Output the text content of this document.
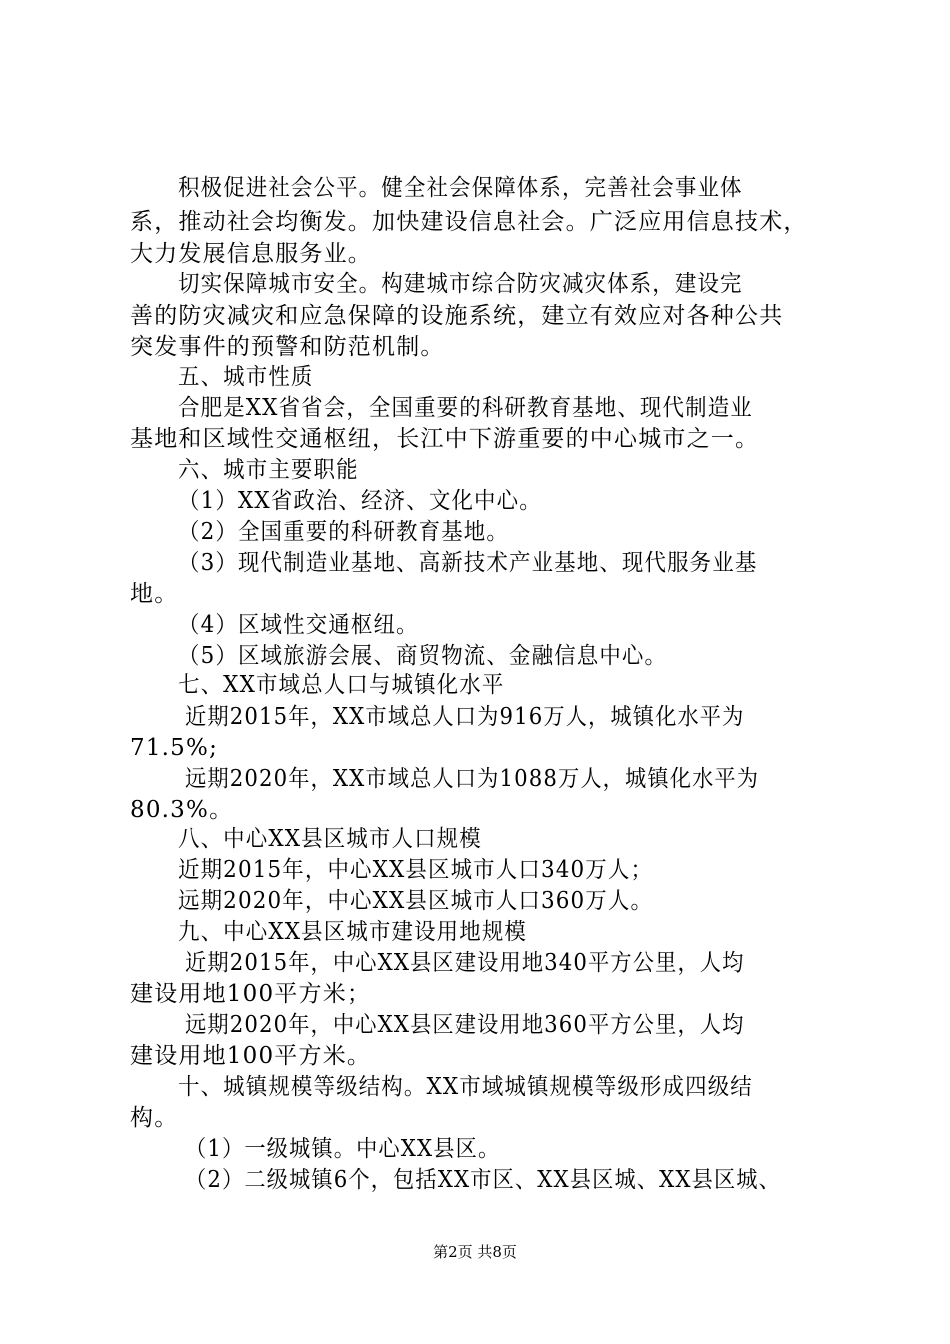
积极促进社会公平。健全社会保障体系，完善社会事业体
系，推动社会均衡发。加快建设信息社会。广泛应用信息技术，
大力发展信息服务业。
切实保障城市安全。构建城市综合防灾减灾体系，建设完
善的防灾减灾和应急保障的设施系统，建立有效应对各种公共
突发事件的预警和防范机制。
五、城市性质
合肥是XX省省会，全国重要的科研教育基地、现代制造业
基地和区域性交通枢纽，长江中下游重要的中心城市之一。
六、城市主要职能
（1）XX省政治、经济、文化中心。
（2）全国重要的科研教育基地。
（3）现代制造业基地、高新技术产业基地、现代服务业基
地。
（4）区域性交通枢纽。
（5）区域旅游会展、商贸物流、金融信息中心。
七、XX市域总人口与城镇化水平
近期2015年，XX市域总人口为916万人，城镇化水平为
71.5%;
远期2020年，XX市域总人口为1088万人，城镇化水平为
80.3%。
八、中心XX县区城市人口规模
近期2015年，中心XX县区城市人口340万人；
远期2020年，中心XX县区城市人口360万人。
九、中心XX县区城市建设用地规模
近期2015年，中心XX县区建设用地340平方公里，人均
建设用地100平方米；
远期2020年，中心XX县区建设用地360平方公里，人均
建设用地100平方米。
十、城镇规模等级结构。XX市域城镇规模等级形成四级结
构。
（1）一级城镇。中心XX县区。
（2）二级城镇6个，包括XX市区、XX县区城、XX县区城、
第2页 共8页
